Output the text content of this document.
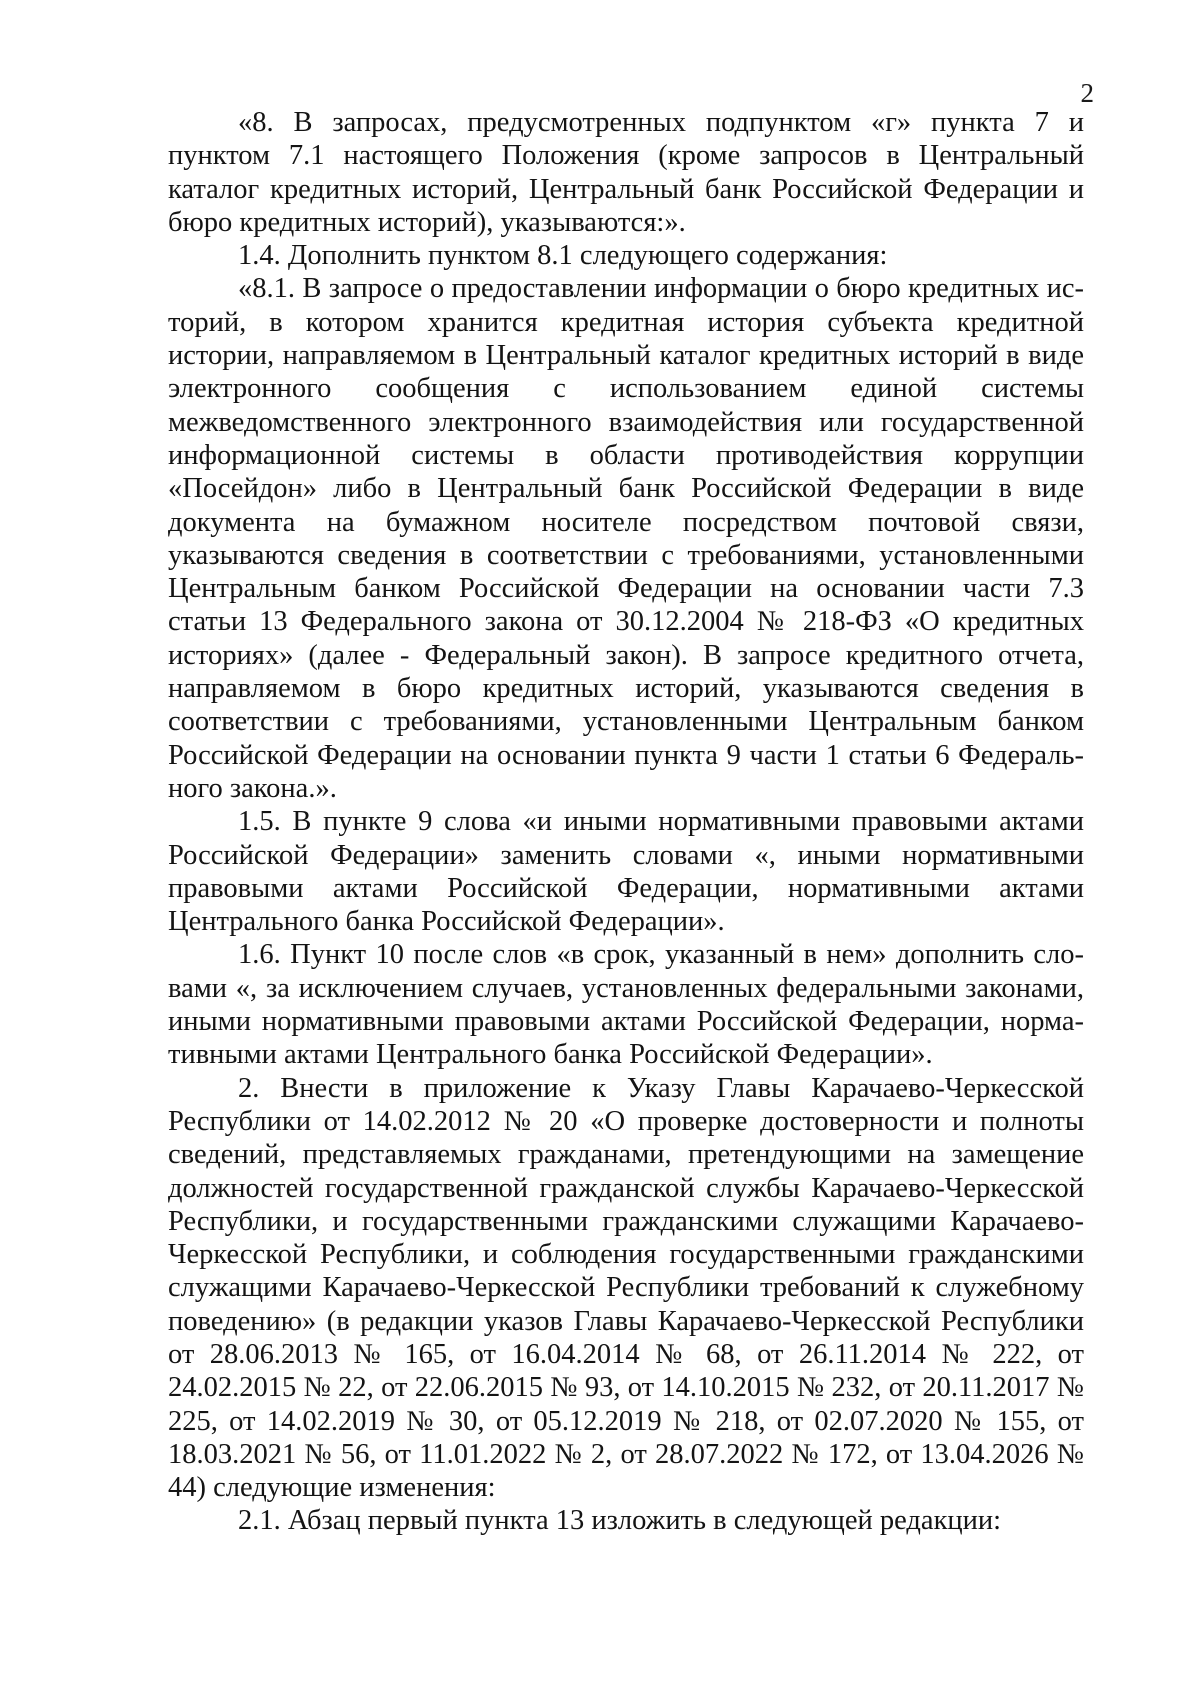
2

«8. В запросах, предусмотренных подпунктом «г» пункта 7 и пунктом 7.1 настоящего Положения (кроме запросов в Центральный каталог кредитных историй, Центральный банк Российской Федерации и бюро кредитных историй), указываются:».

1.4. Дополнить пунктом 8.1 следующего содержания:

«8.1. В запросе о предоставлении информации о бюро кредитных историй, в котором хранится кредитная история субъекта кредитной истории, направляемом в Центральный каталог кредитных историй в виде электронного сообщения с использованием единой системы межведомственного электронного взаимодействия или государственной информационной системы в области противодействия коррупции «Посейдон» либо в Центральный банк Российской Федерации в виде документа на бумажном носителе посредством почтовой связи, указываются сведения в соответствии с требованиями, установленными Центральным банком Российской Федерации на основании части 7.3 статьи 13 Федерального закона от 30.12.2004 № 218-ФЗ «О кредитных историях» (далее - Федеральный закон). В запросе кредитного отчета, направляемом в бюро кредитных историй, указываются сведения в соответствии с требованиями, установленными Центральным банком Российской Федерации на основании пункта 9 части 1 статьи 6 Федерального закона.».

1.5. В пункте 9 слова «и иными нормативными правовыми актами Российской Федерации» заменить словами «, иными нормативными правовыми актами Российской Федерации, нормативными актами Центрального банка Российской Федерации».

1.6. Пункт 10 после слов «в срок, указанный в нем» дополнить словами «, за исключением случаев, установленных федеральными законами, иными нормативными правовыми актами Российской Федерации, нормативными актами Центрального банка Российской Федерации».

2. Внести в приложение к Указу Главы Карачаево-Черкесской Республики от 14.02.2012 № 20 «О проверке достоверности и полноты сведений, представляемых гражданами, претендующими на замещение должностей государственной гражданской службы Карачаево-Черкесской Республики, и государственными гражданскими служащими Карачаево-Черкесской Республики, и соблюдения государственными гражданскими служащими Карачаево-Черкесской Республики требований к служебному поведению» (в редакции указов Главы Карачаево-Черкесской Республики от 28.06.2013 № 165, от 16.04.2014 № 68, от 26.11.2014 № 222, от 24.02.2015 № 22, от 22.06.2015 № 93, от 14.10.2015 № 232, от 20.11.2017 № 225, от 14.02.2019 № 30, от 05.12.2019 № 218, от 02.07.2020 № 155, от 18.03.2021 № 56, от 11.01.2022 № 2, от 28.07.2022 № 172, от 13.04.2026 № 44) следующие изменения:

2.1. Абзац первый пункта 13 изложить в следующей редакции:
